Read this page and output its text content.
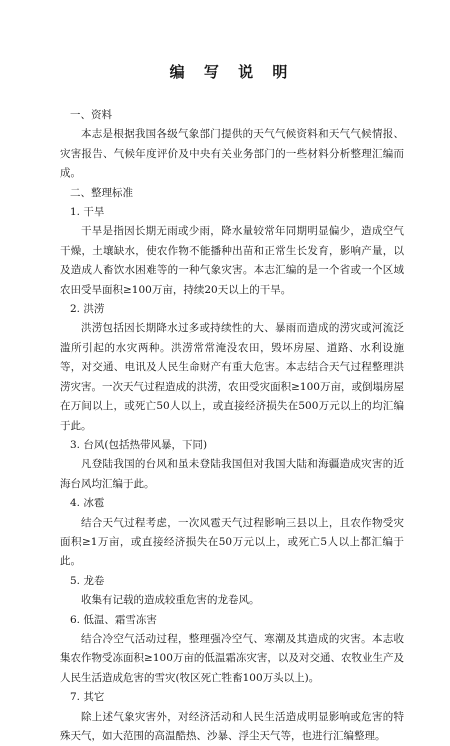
编 写 说 明

一、资料

本志是根据我国各级气象部门提供的天气气候资料和天气气候情报、灾害报告、气候年度评价及中央有关业务部门的一些材料分析整理汇编而成。

二、整理标准

1. 干旱

干旱是指因长期无雨或少雨，降水量较常年同期明显偏少，造成空气干燥，土壤缺水，使农作物不能播种出苗和正常生长发育，影响产量，以及造成人畜饮水困难等的一种气象灾害。本志汇编的是一个省或一个区域农田受旱面积≥100万亩，持续20天以上的干旱。

2. 洪涝

洪涝包括因长期降水过多或持续性的大、暴雨而造成的涝灾或河流泛滥所引起的水灾两种。洪涝常常淹没农田，毁坏房屋、道路、水利设施等，对交通、电讯及人民生命财产有重大危害。本志结合天气过程整理洪涝灾害。一次天气过程造成的洪涝，农田受灾面积≥100万亩，或倒塌房屋在万间以上，或死亡50人以上，或直接经济损失在500万元以上的均汇编于此。

3. 台风(包括热带风暴，下同)

凡登陆我国的台风和虽未登陆我国但对我国大陆和海疆造成灾害的近海台风均汇编于此。

4. 冰雹

结合天气过程考虑，一次风雹天气过程影响三县以上，且农作物受灾面积≥1万亩，或直接经济损失在50万元以上，或死亡5人以上都汇编于此。

5. 龙卷

收集有记载的造成较重危害的龙卷风。

6. 低温、霜雪冻害

结合冷空气活动过程，整理强冷空气、寒潮及其造成的灾害。本志收集农作物受冻面积≥100万亩的低温霜冻灾害，以及对交通、农牧业生产及人民生活造成危害的雪灾(牧区死亡牲畜100万头以上)。

7. 其它

除上述气象灾害外，对经济活动和人民生活造成明显影响或危害的特殊天气，如大范围的高温酷热、沙暴、浮尘天气等，也进行汇编整理。
